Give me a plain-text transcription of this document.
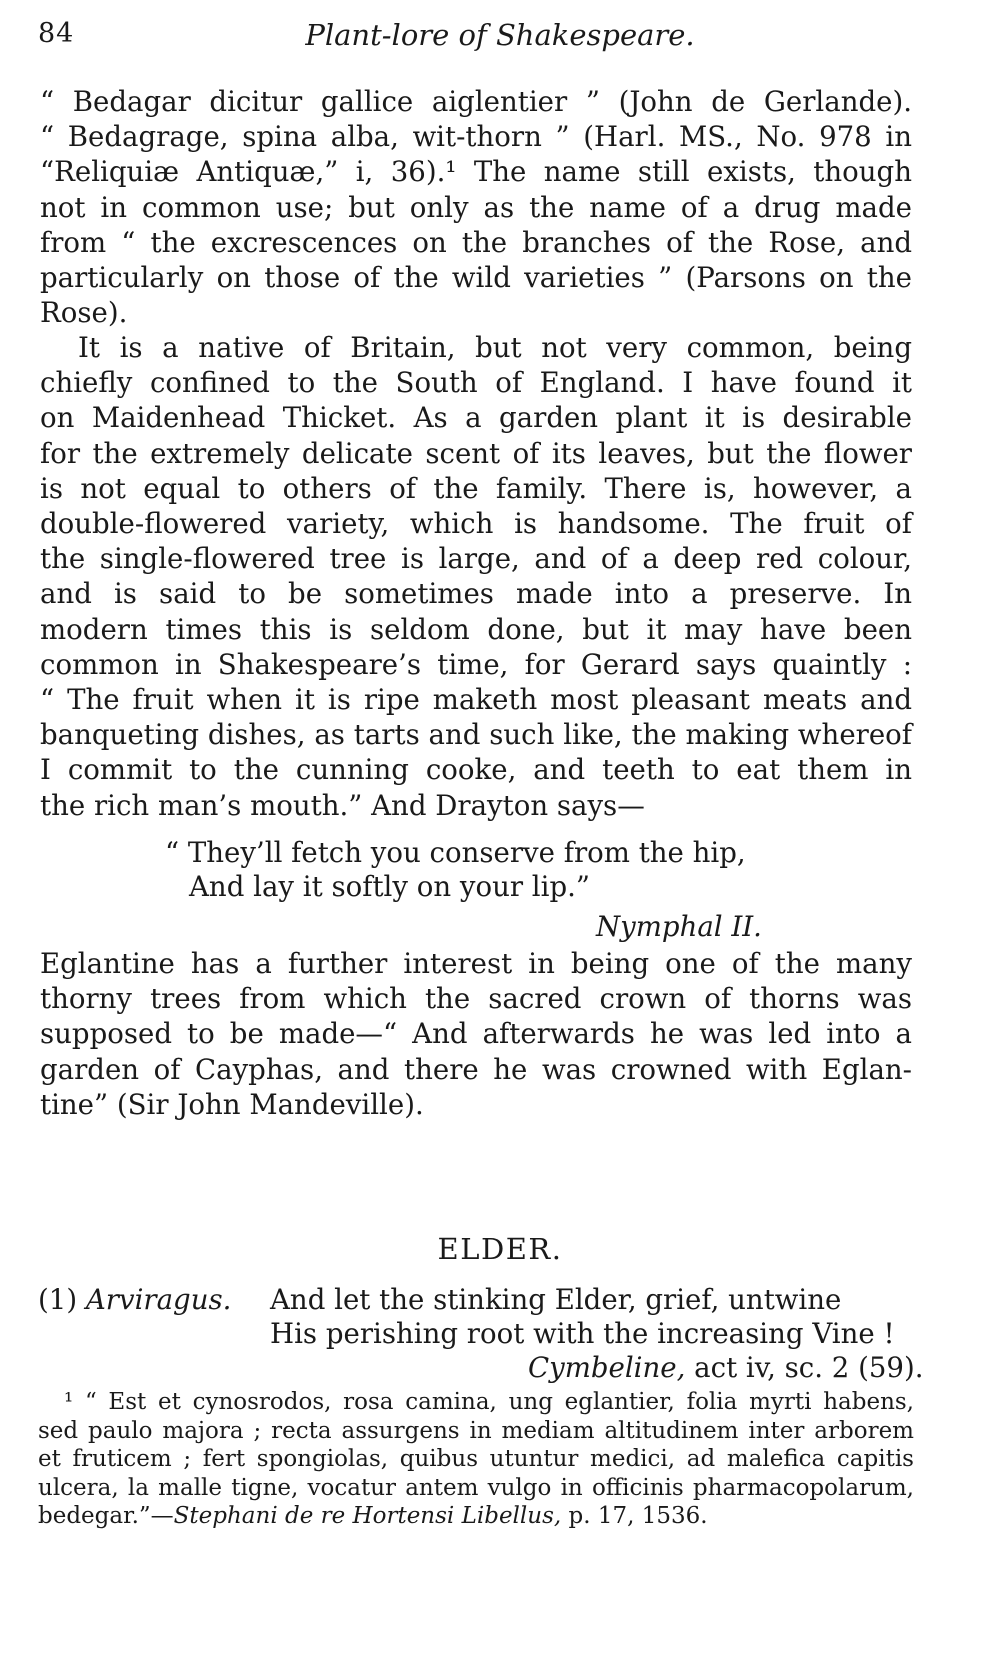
84	Plant-lore of Shakespeare.
“ Bedagar dicitur gallice aiglentier ” (John de Gerlande).
“ Bedagrage, spina alba, wit-thorn ” (Harl. MS., No. 978 in
“Reliquiæ Antiquæ,” i, 36).¹ The name still exists, though
not in common use; but only as the name of a drug made
from “ the excrescences on the branches of the Rose, and
particularly on those of the wild varieties ” (Parsons on the
Rose).
It is a native of Britain, but not very common, being
chiefly confined to the South of England. I have found it
on Maidenhead Thicket. As a garden plant it is desirable
for the extremely delicate scent of its leaves, but the flower
is not equal to others of the family. There is, however, a
double-flowered variety, which is handsome. The fruit of
the single-flowered tree is large, and of a deep red colour,
and is said to be sometimes made into a preserve. In
modern times this is seldom done, but it may have been
common in Shakespeare’s time, for Gerard says quaintly :
“ The fruit when it is ripe maketh most pleasant meats and
banqueting dishes, as tarts and such like, the making whereof
I commit to the cunning cooke, and teeth to eat them in
the rich man’s mouth.” And Drayton says—
“ They’ll fetch you conserve from the hip,
And lay it softly on your lip.”
Nymphal II.
Eglantine has a further interest in being one of the many
thorny trees from which the sacred crown of thorns was
supposed to be made—“ And afterwards he was led into a
garden of Cayphas, and there he was crowned with Eglan-
tine” (Sir John Mandeville).
ELDER.
(1) Arviragus. And let the stinking Elder, grief, untwine
His perishing root with the increasing Vine !
Cymbeline, act iv, sc. 2 (59).
¹ “ Est et cynosrodos, rosa camina, ung eglantier, folia myrti habens,
sed paulo majora ; recta assurgens in mediam altitudinem inter arborem
et fruticem ; fert spongiolas, quibus utuntur medici, ad malefica capitis
ulcera, la malle tigne, vocatur antem vulgo in officinis pharmacopolarum,
bedegar.”—Stephani de re Hortensi Libellus, p. 17, 1536.
